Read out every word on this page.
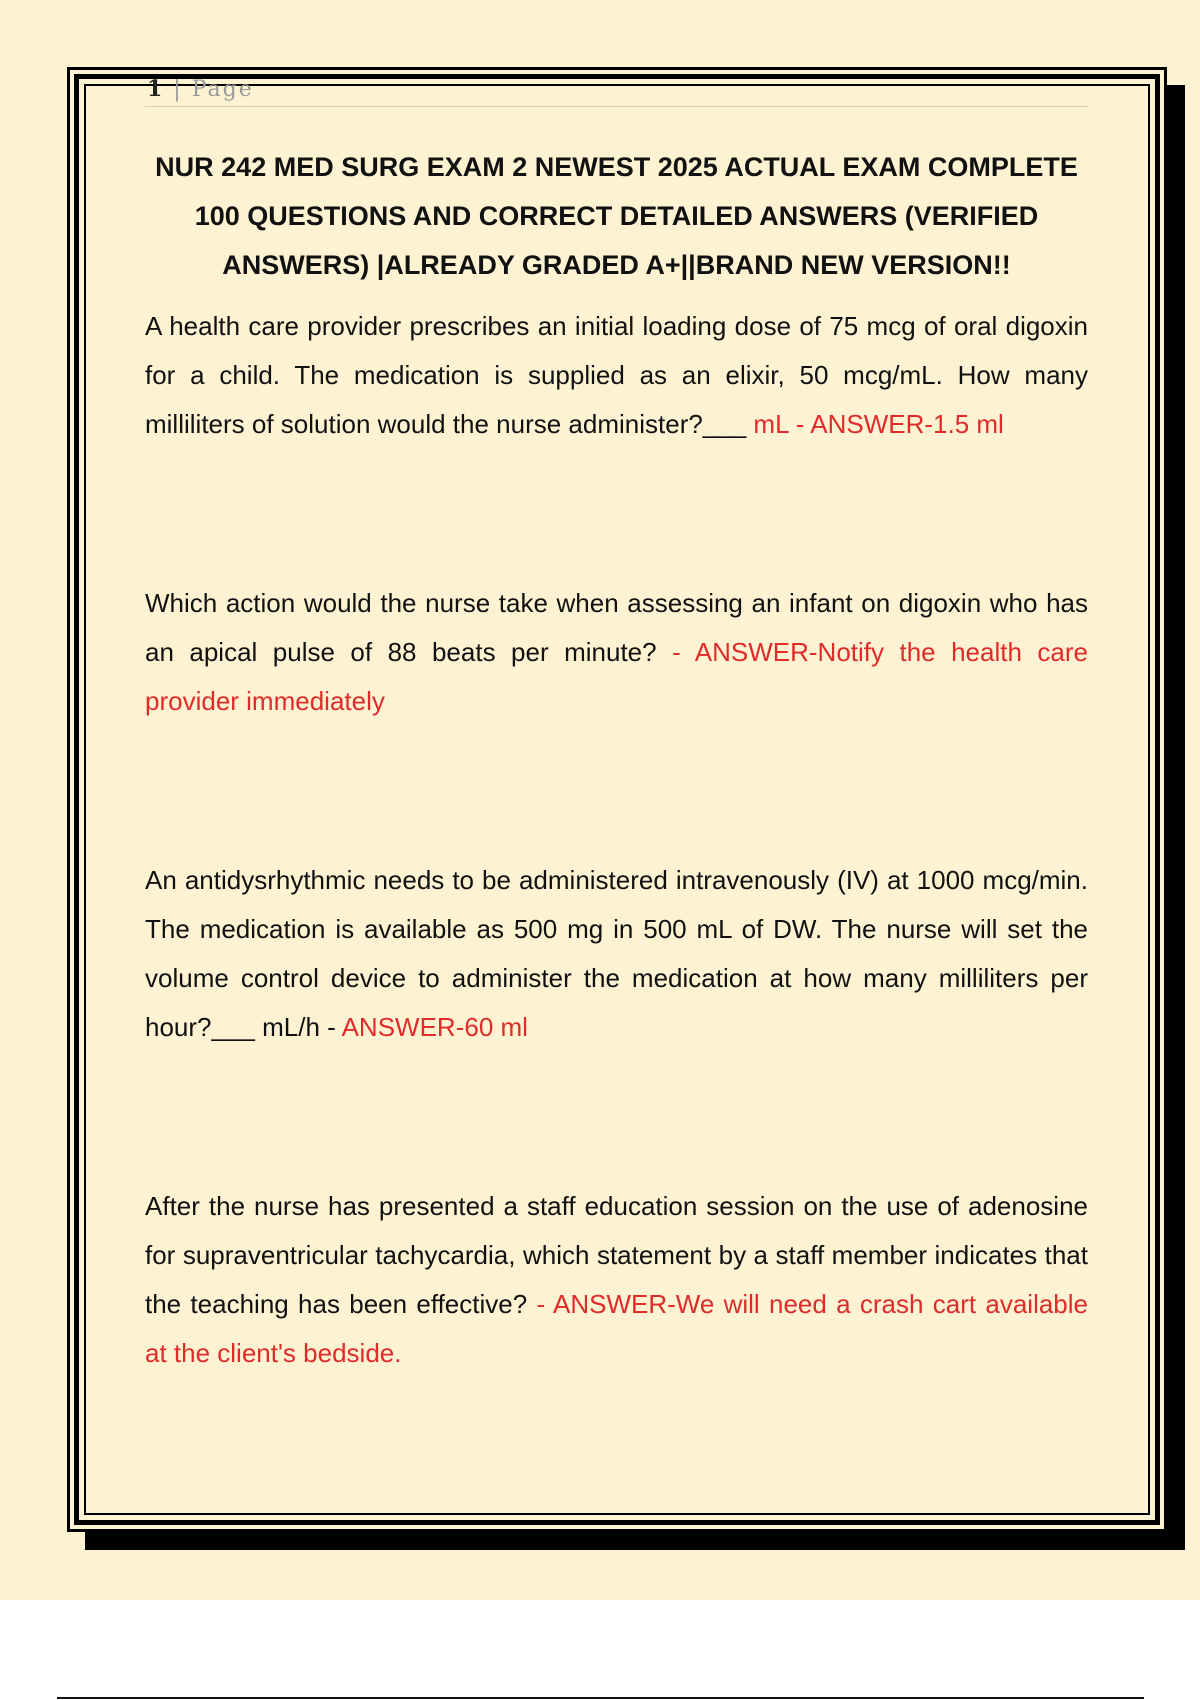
1 | Page
NUR 242 MED SURG EXAM 2 NEWEST 2025 ACTUAL EXAM COMPLETE 100 QUESTIONS AND CORRECT DETAILED ANSWERS (VERIFIED ANSWERS) |ALREADY GRADED A+||BRAND NEW VERSION!!

A health care provider prescribes an initial loading dose of 75 mcg of oral digoxin for a child. The medication is supplied as an elixir, 50 mcg/mL. How many milliliters of solution would the nurse administer?___ mL - ANSWER-1.5 ml

Which action would the nurse take when assessing an infant on digoxin who has an apical pulse of 88 beats per minute? - ANSWER-Notify the health care provider immediately

An antidysrhythmic needs to be administered intravenously (IV) at 1000 mcg/min. The medication is available as 500 mg in 500 mL of DW. The nurse will set the volume control device to administer the medication at how many milliliters per hour?___ mL/h - ANSWER-60 ml

After the nurse has presented a staff education session on the use of adenosine for supraventricular tachycardia, which statement by a staff member indicates that the teaching has been effective? - ANSWER-We will need a crash cart available at the client's bedside.
